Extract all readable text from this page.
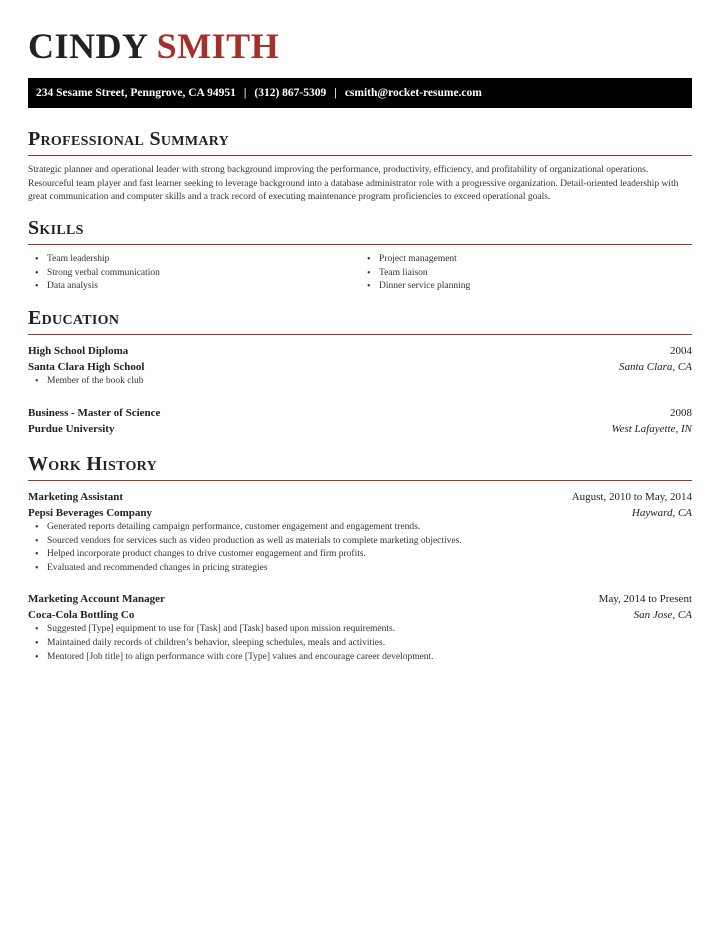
CINDY SMITH
234 Sesame Street, Penngrove, CA 94951 | (312) 867-5309 | csmith@rocket-resume.com
Professional Summary
Strategic planner and operational leader with strong background improving the performance, productivity, efficiency, and profitability of organizational operations. Resourceful team player and fast learner seeking to leverage background into a database administrator role with a progressive organization. Detail-oriented leadership with great communication and computer skills and a track record of executing maintenance program proficiencies to exceed operational goals.
Skills
• Team leadership
• Strong verbal communication
• Data analysis
• Project management
• Team liaison
• Dinner service planning
Education
High School Diploma	2004
Santa Clara High School	Santa Clara, CA
• Member of the book club
Business - Master of Science	2008
Purdue University	West Lafayette, IN
Work History
Marketing Assistant	August, 2010 to May, 2014
Pepsi Beverages Company	Hayward, CA
• Generated reports detailing campaign performance, customer engagement and engagement trends.
• Sourced vendors for services such as video production as well as materials to complete marketing objectives.
• Helped incorporate product changes to drive customer engagement and firm profits.
• Evaluated and recommended changes in pricing strategies
Marketing Account Manager	May, 2014 to Present
Coca-Cola Bottling Co	San Jose, CA
• Suggested [Type] equipment to use for [Task] and [Task] based upon mission requirements.
• Maintained daily records of children’s behavior, sleeping schedules, meals and activities.
• Mentored [Job title] to align performance with core [Type] values and encourage career development.
